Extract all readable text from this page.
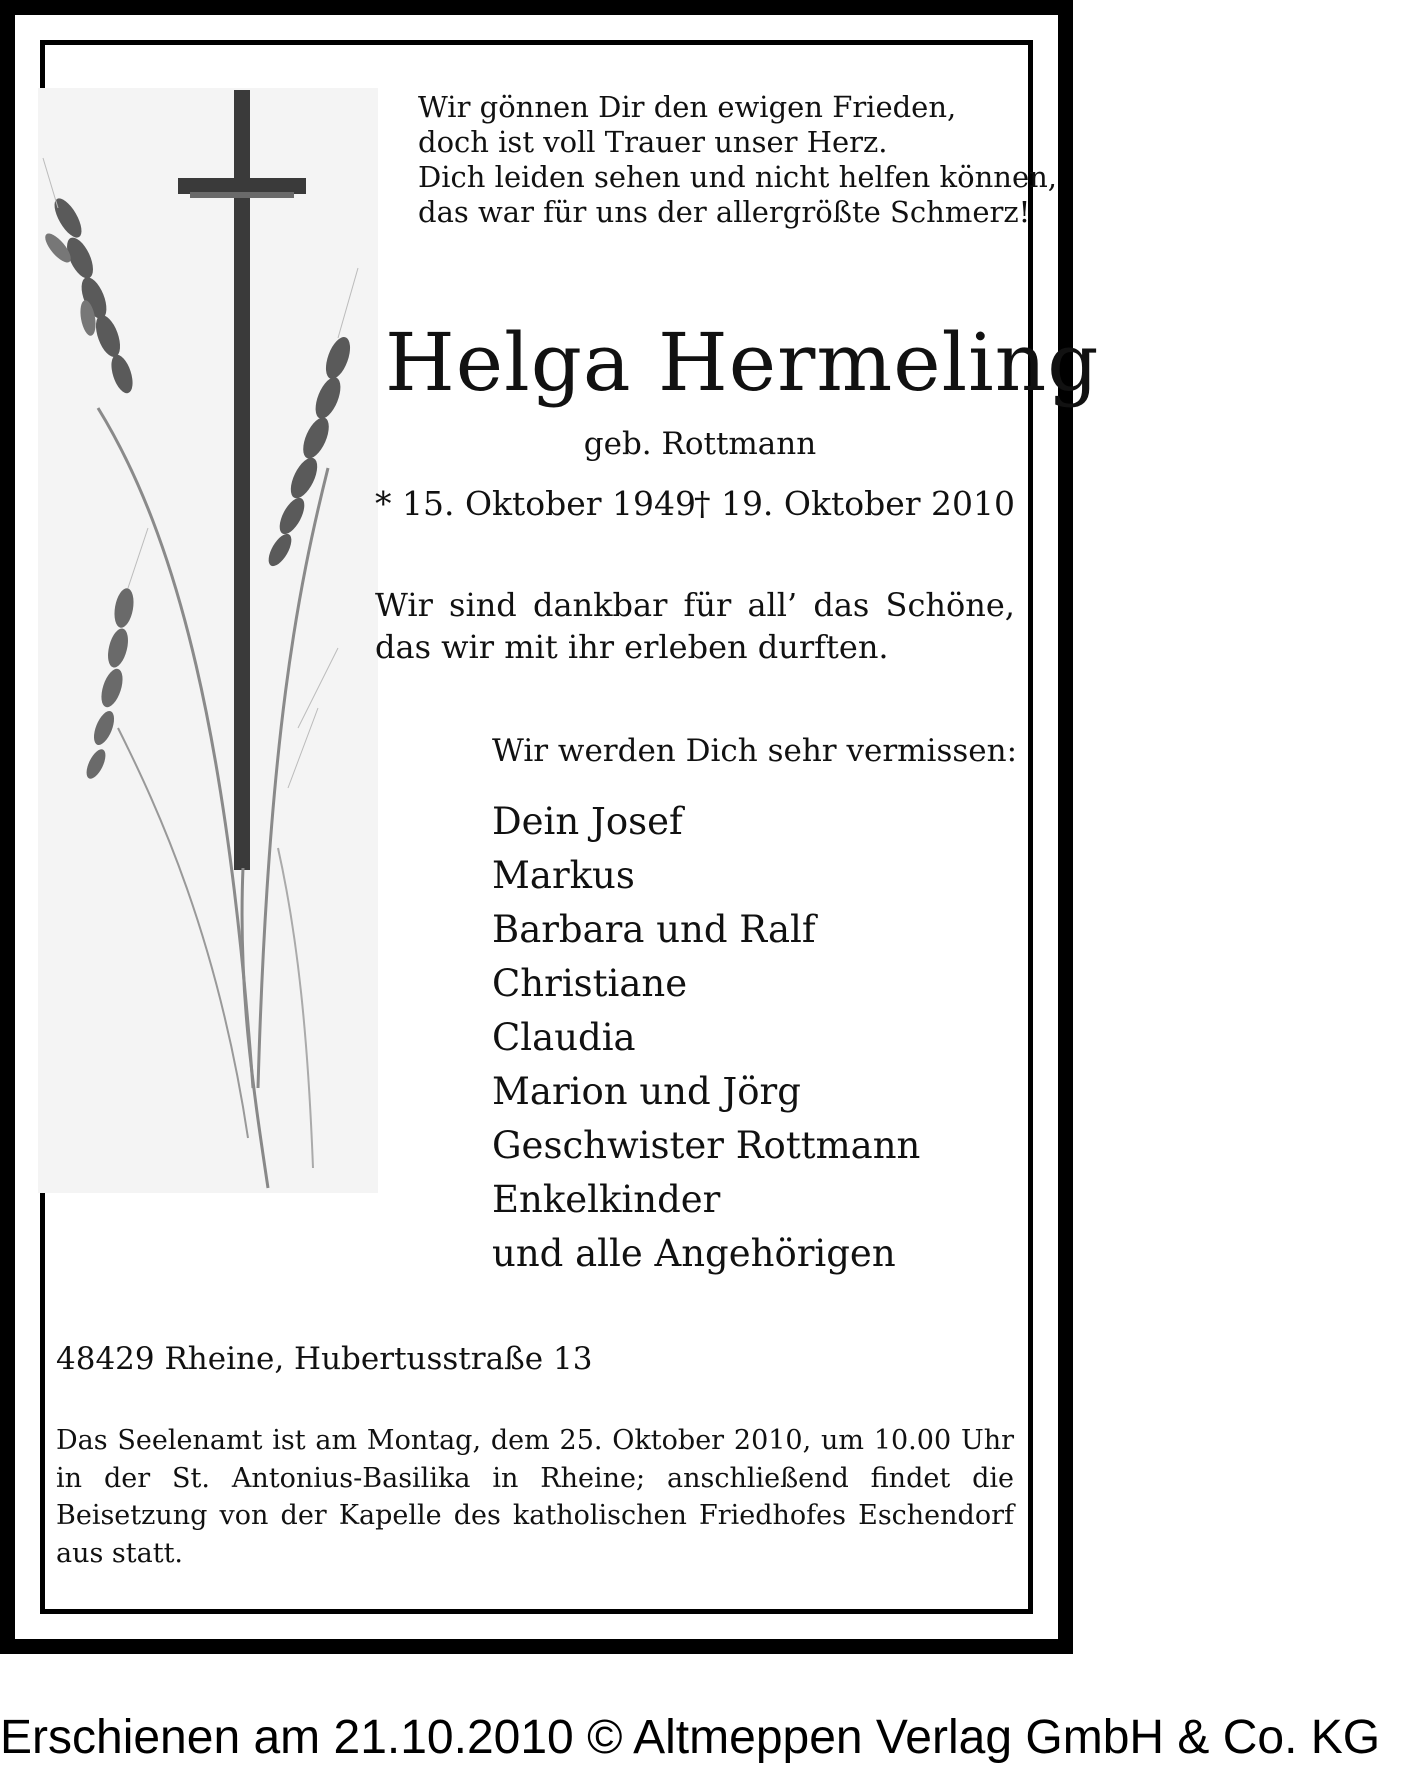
Wir gönnen Dir den ewigen Frieden,
doch ist voll Trauer unser Herz.
Dich leiden sehen und nicht helfen können,
das war für uns der allergrößte Schmerz!
Helga Hermeling
geb. Rottmann
* 15. Oktober 1949
† 19. Oktober 2010
Wir sind dankbar für all’ das Schöne,
das wir mit ihr erleben durften.
Wir werden Dich sehr vermissen:
Dein Josef
Markus
Barbara und Ralf
Christiane
Claudia
Marion und Jörg
Geschwister Rottmann
Enkelkinder
und alle Angehörigen
48429 Rheine, Hubertusstraße 13
Das Seelenamt ist am Montag, dem 25. Oktober 2010, um 10.00 Uhr in der St. Antonius-Basilika in Rheine; anschließend findet die Beisetzung von der Kapelle des katholischen Friedhofes Eschendorf aus statt.
Erschienen am 21.10.2010 © Altmeppen Verlag GmbH & Co. KG
